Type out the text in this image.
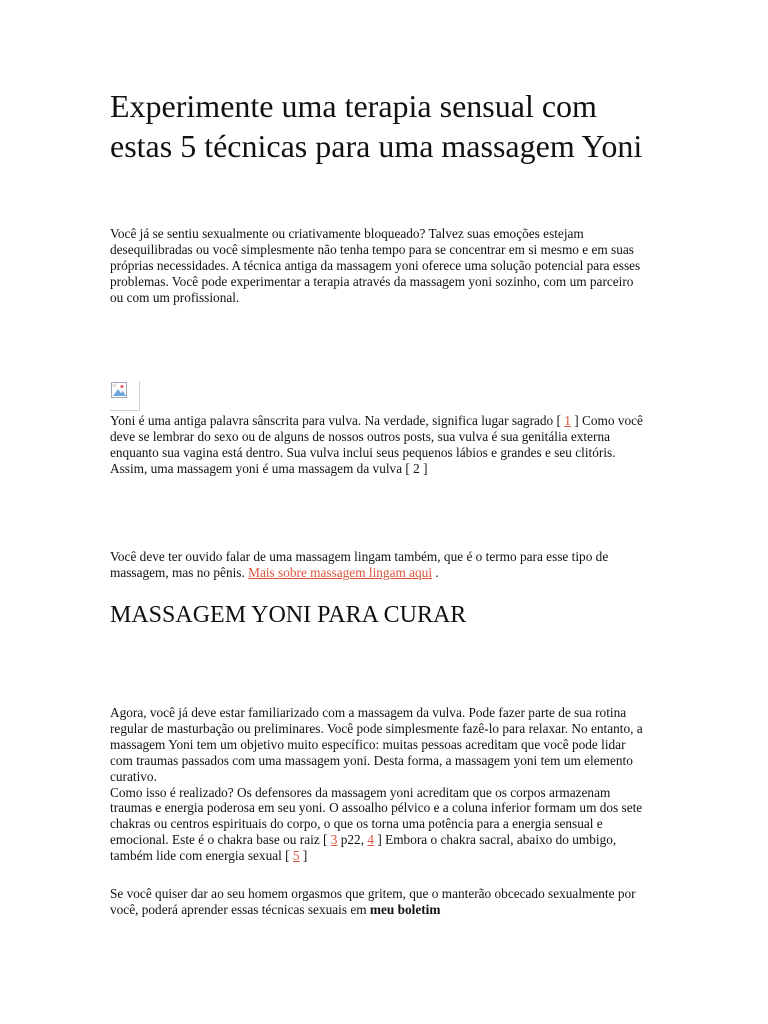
Experimente uma terapia sensual com estas 5 técnicas para uma massagem Yoni

Você já se sentiu sexualmente ou criativamente bloqueado? Talvez suas emoções estejam desequilibradas ou você simplesmente não tenha tempo para se concentrar em si mesmo e em suas próprias necessidades. A técnica antiga da massagem yoni oferece uma solução potencial para esses problemas. Você pode experimentar a terapia através da massagem yoni sozinho, com um parceiro ou com um profissional.

Yoni é uma antiga palavra sânscrita para vulva. Na verdade, significa lugar sagrado [ 1 ] Como você deve se lembrar do sexo ou de alguns de nossos outros posts, sua vulva é sua genitália externa enquanto sua vagina está dentro. Sua vulva inclui seus pequenos lábios e grandes e seu clitóris. Assim, uma massagem yoni é uma massagem da vulva [ 2 ]

Você deve ter ouvido falar de uma massagem lingam também, que é o termo para esse tipo de massagem, mas no pênis. Mais sobre massagem lingam aqui .

MASSAGEM YONI PARA CURAR

Agora, você já deve estar familiarizado com a massagem da vulva. Pode fazer parte de sua rotina regular de masturbação ou preliminares. Você pode simplesmente fazê-lo para relaxar. No entanto, a massagem Yoni tem um objetivo muito específico: muitas pessoas acreditam que você pode lidar com traumas passados com uma massagem yoni. Desta forma, a massagem yoni tem um elemento curativo.
Como isso é realizado? Os defensores da massagem yoni acreditam que os corpos armazenam traumas e energia poderosa em seu yoni. O assoalho pélvico e a coluna inferior formam um dos sete chakras ou centros espirituais do corpo, o que os torna uma potência para a energia sensual e emocional. Este é o chakra base ou raiz [ 3 p22, 4 ] Embora o chakra sacral, abaixo do umbigo, também lide com energia sexual [ 5 ]

Se você quiser dar ao seu homem orgasmos que gritem, que o manterão obcecado sexualmente por você, poderá aprender essas técnicas sexuais em meu boletim
